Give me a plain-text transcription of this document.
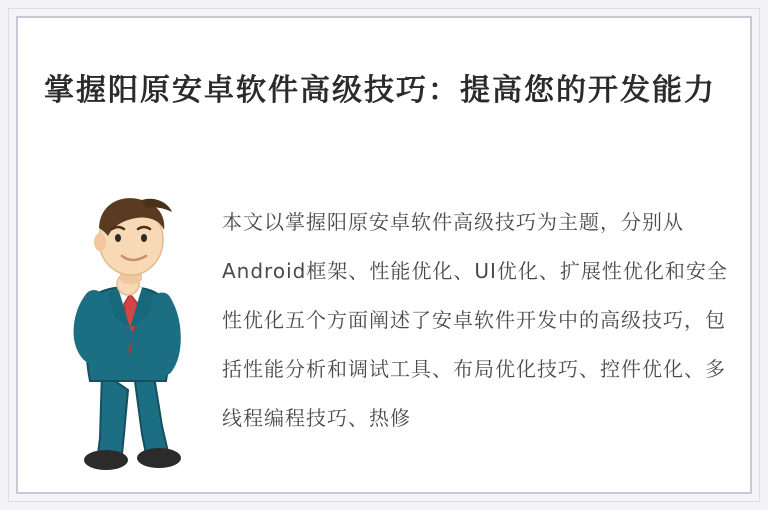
掌握阳原安卓软件高级技巧：提高您的开发能力

本文以掌握阳原安卓软件高级技巧为主题，分别从Android框架、性能优化、UI优化、扩展性优化和安全性优化五个方面阐述了安卓软件开发中的高级技巧，包括性能分析和调试工具、布局优化技巧、控件优化、多线程编程技巧、热修
